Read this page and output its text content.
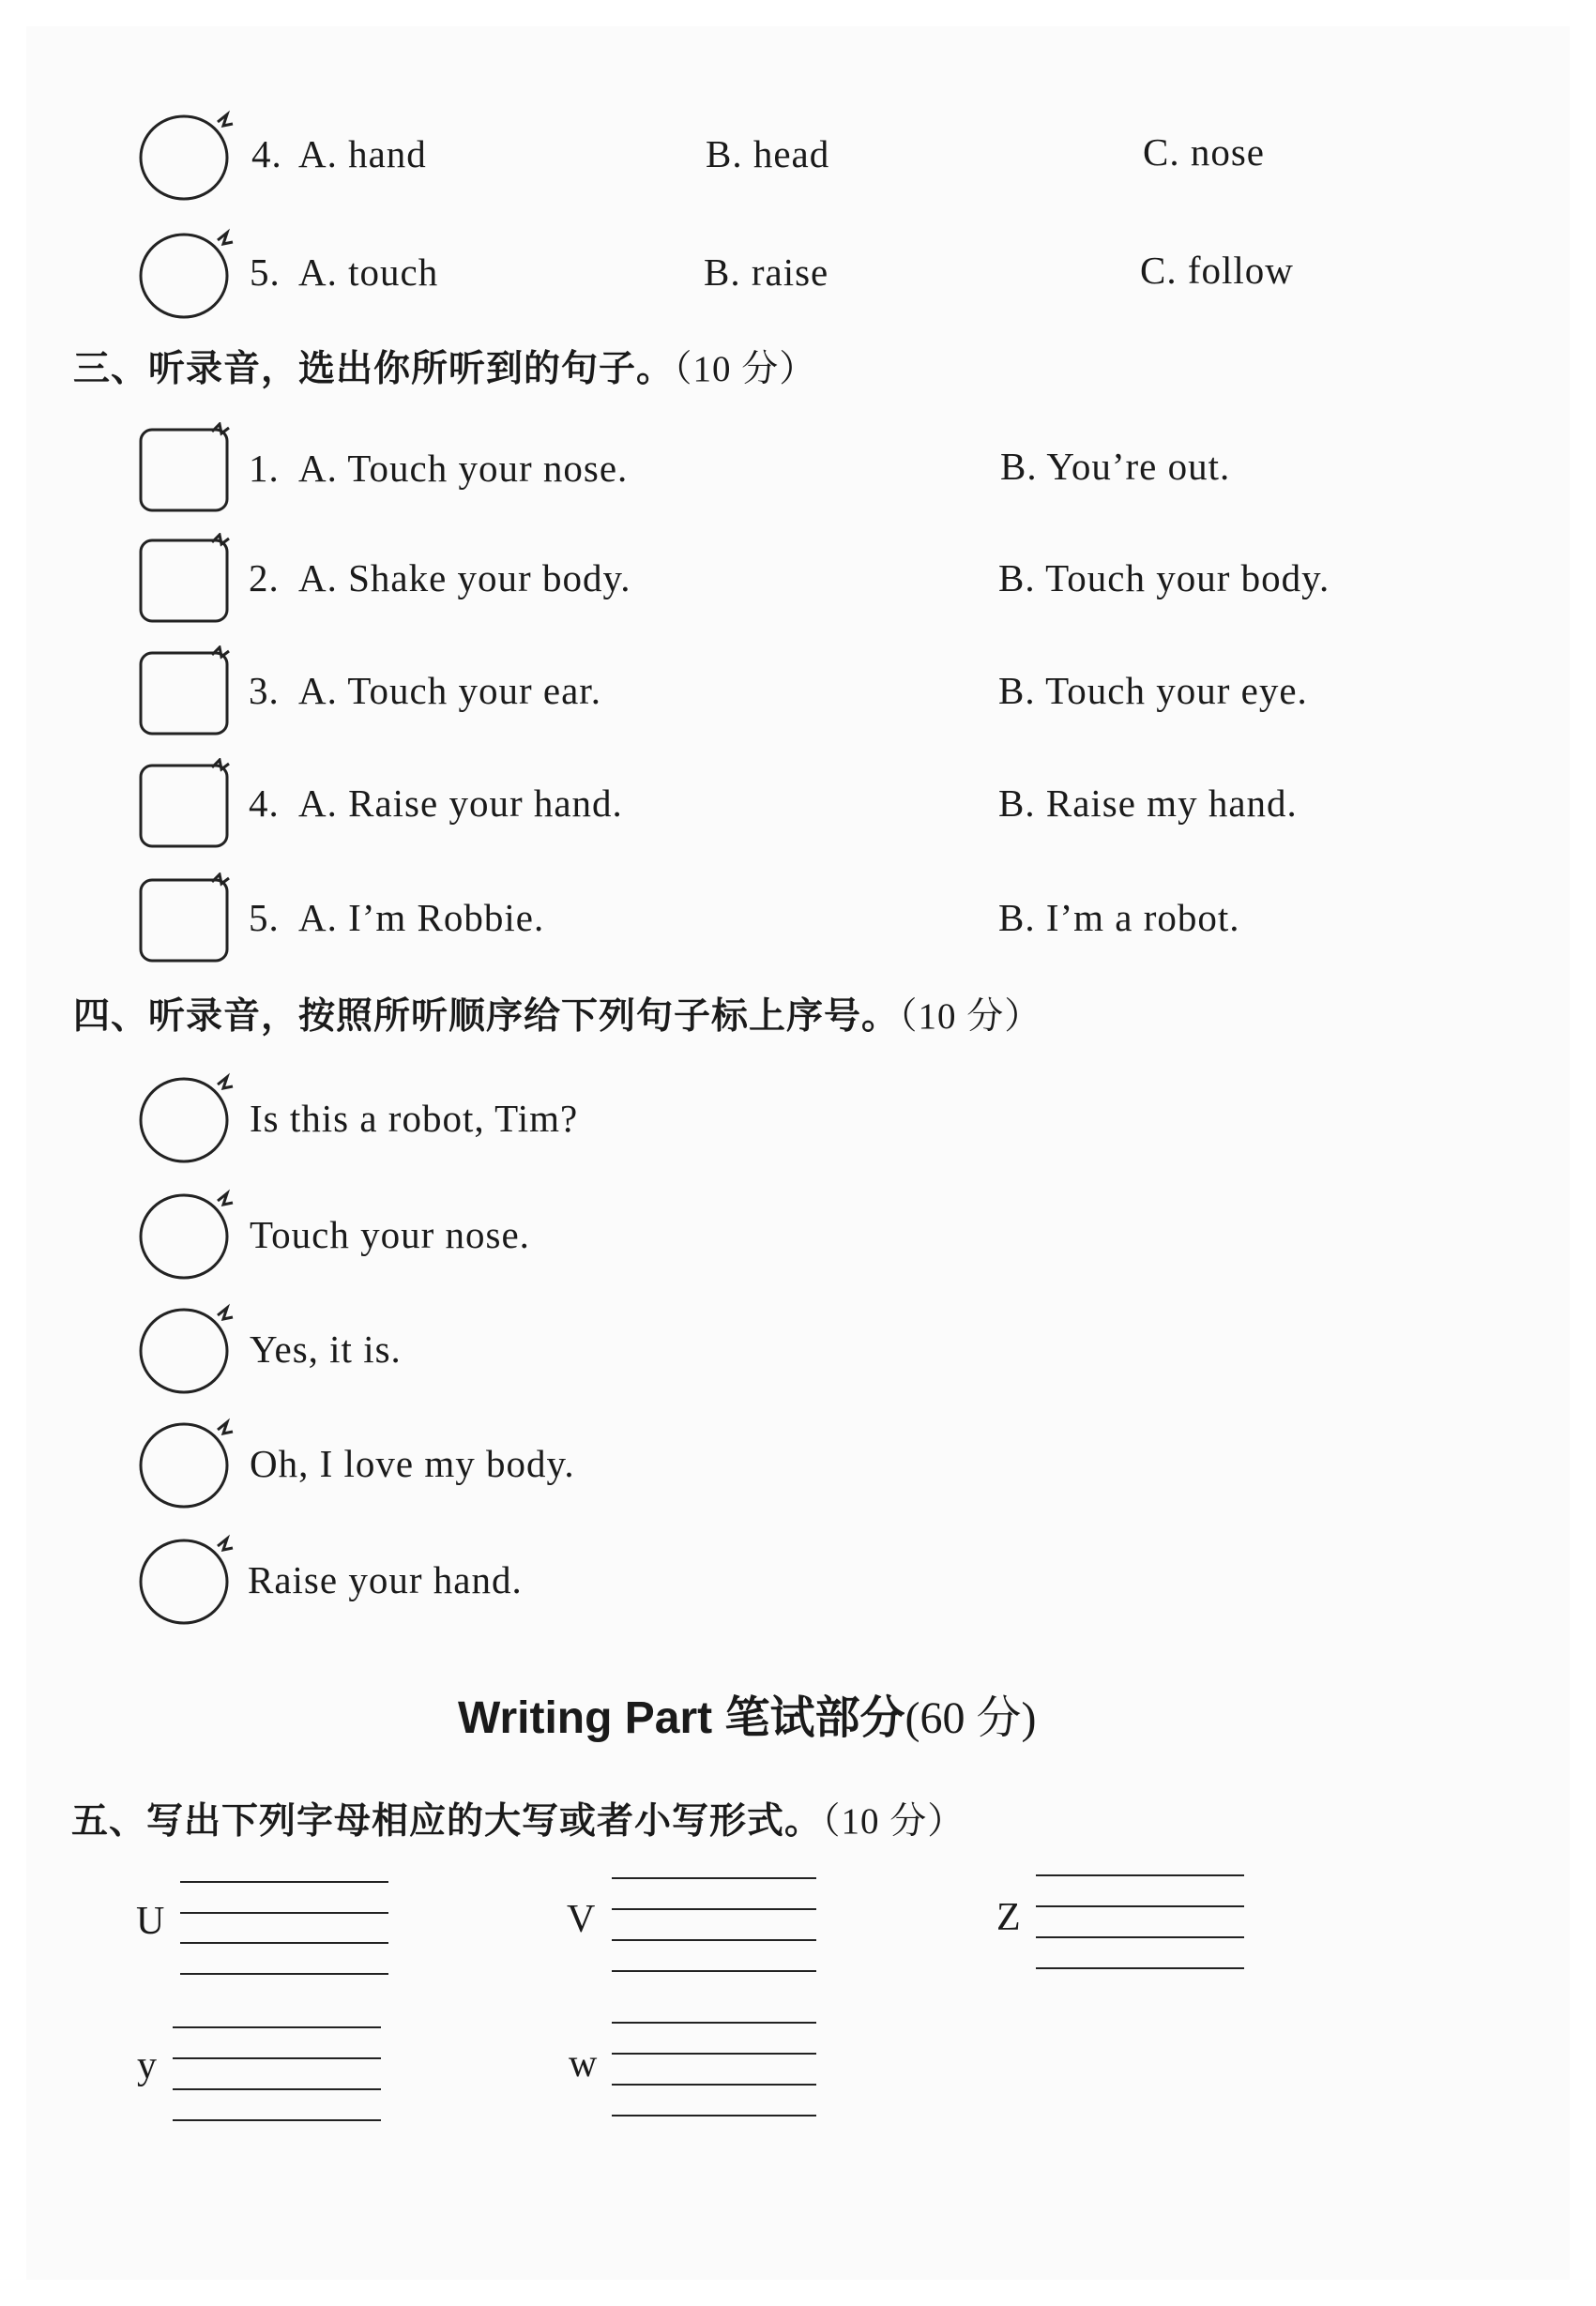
4. A. hand	B. head	C. nose
5. A. touch	B. raise	C. follow
三、听录音，选出你所听到的句子。（10 分）
1. A. Touch your nose.	B. You’re out.
2. A. Shake your body.	B. Touch your body.
3. A. Touch your ear.	B. Touch your eye.
4. A. Raise your hand.	B. Raise my hand.
5. A. I’m Robbie.	B. I’m a robot.
四、听录音，按照所听顺序给下列句子标上序号。（10 分）
Is this a robot, Tim?
Touch your nose.
Yes, it is.
Oh, I love my body.
Raise your hand.
Writing Part 笔试部分(60 分)
五、写出下列字母相应的大写或者小写形式。（10 分）
U	V	Z
y	w
